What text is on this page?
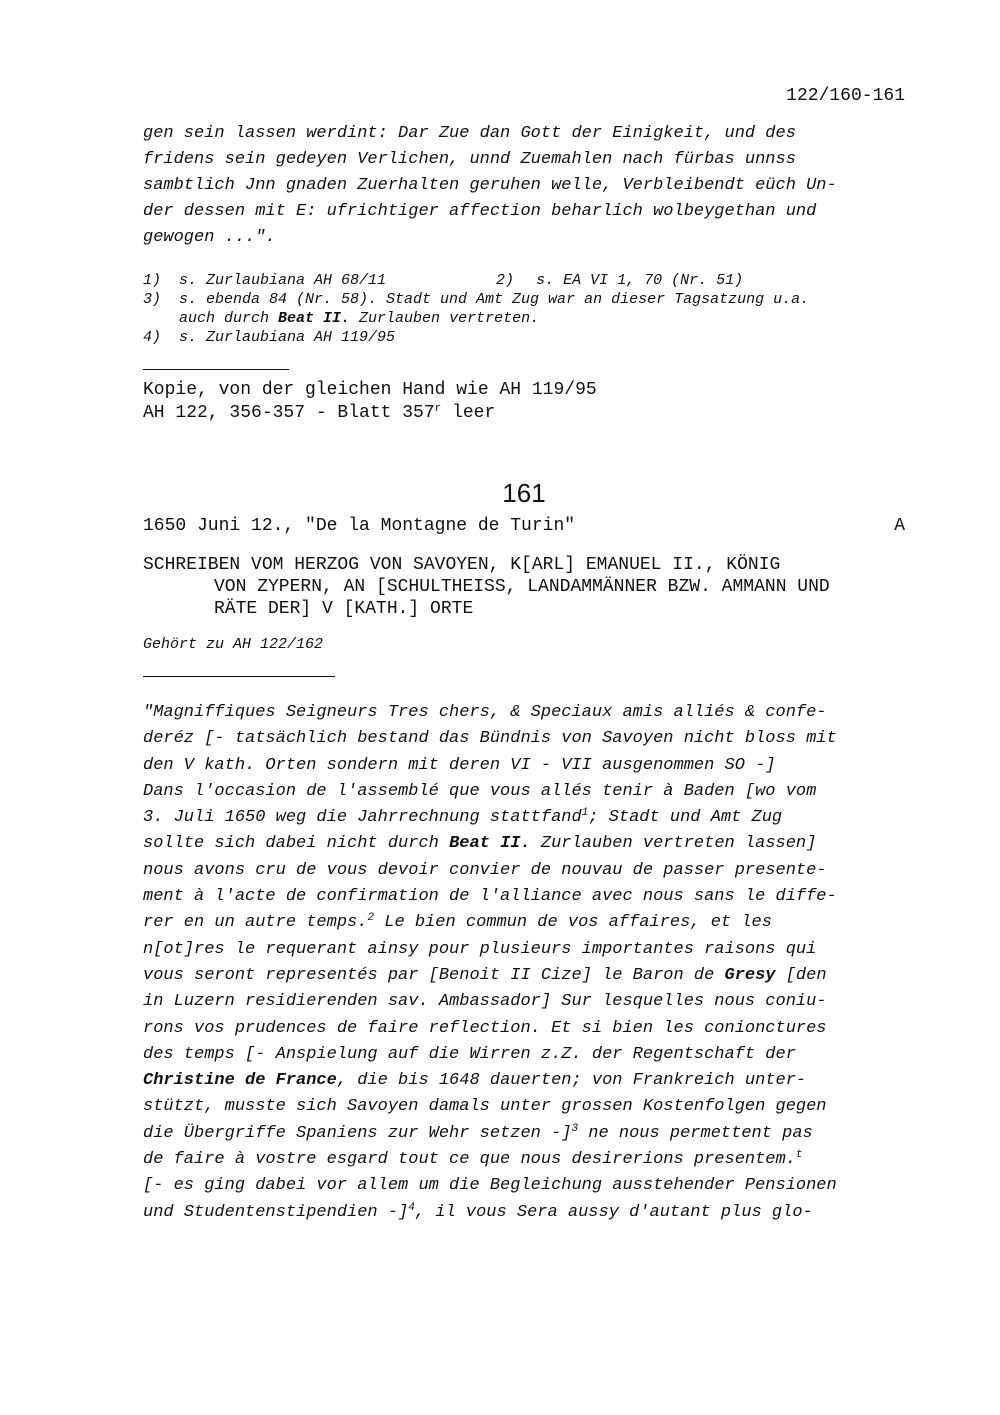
122/160-161
gen sein lassen werdint: Dar Zue dan Gott der Einigkeit, und des
fridens sein gedeyen Verlichen, unnd Zuemahlen nach fürbas unnss
sambtlich Jnn gnaden Zuerhalten geruhen welle, Verbleibendt eüch Un-
der dessen mit E: ufrichtiger affection beharlich wolbeygethan und
gewogen ...".
1)	s. Zurlaubiana AH 68/11	2) s. EA VI 1, 70 (Nr. 51)
3)	s. ebenda 84 (Nr. 58). Stadt und Amt Zug war an dieser Tagsatzung u.a.
auch durch Beat II. Zurlauben vertreten.
4)	s. Zurlaubiana AH 119/95
Kopie, von der gleichen Hand wie AH 119/95
AH 122, 356-357 - Blatt 357$^r$ leer
161
1650 Juni 12., "De la Montagne de Turin"	A
SCHREIBEN VOM HERZOG VON SAVOYEN, K[ARL] EMANUEL II., KÖNIG
VON ZYPERN, AN [SCHULTHEISS, LANDAMMÄNNER BZW. AMMANN UND
RÄTE DER] V [KATH.] ORTE
Gehört zu AH 122/162
"Magniffiques Seigneurs Tres chers, & Speciaux amis alliés & confe-
deréz [- tatsächlich bestand das Bündnis von Savoyen nicht bloss mit
den V kath. Orten sondern mit deren VI - VII ausgenommen SO -]
Dans l'occasion de l'assemblé que vous allés tenir à Baden [wo vom
3. Juli 1650 weg die Jahrrechnung stattfand$^1$; Stadt und Amt Zug
sollte sich dabei nicht durch Beat II. Zurlauben vertreten lassen]
nous avons cru de vous devoir convier de nouvau de passer presente-
ment à l'acte de confirmation de l'alliance avec nous sans le diffe-
rer en un autre temps.$^2$ Le bien commun de vos affaires, et les
n[ot]res le requerant ainsy pour plusieurs importantes raisons qui
vous seront representés par [Benoit II Cize] le Baron de Gresy [den
in Luzern residierenden sav. Ambassador] Sur lesquelles nous coniu-
rons vos prudences de faire reflection. Et si bien les conionctures
des temps [- Anspielung auf die Wirren z.Z. der Regentschaft der
Christine de France, die bis 1648 dauerten; von Frankreich unter-
stützt, musste sich Savoyen damals unter grossen Kostenfolgen gegen
die Übergriffe Spaniens zur Wehr setzen -]$^3$ ne nous permettent pas
de faire à vostre esgard tout ce que nous desirerions presentem.$^t$
[- es ging dabei vor allem um die Begleichung ausstehender Pensionen
und Studentenstipendien -]$^4$, il vous Sera aussy d'autant plus glo-
